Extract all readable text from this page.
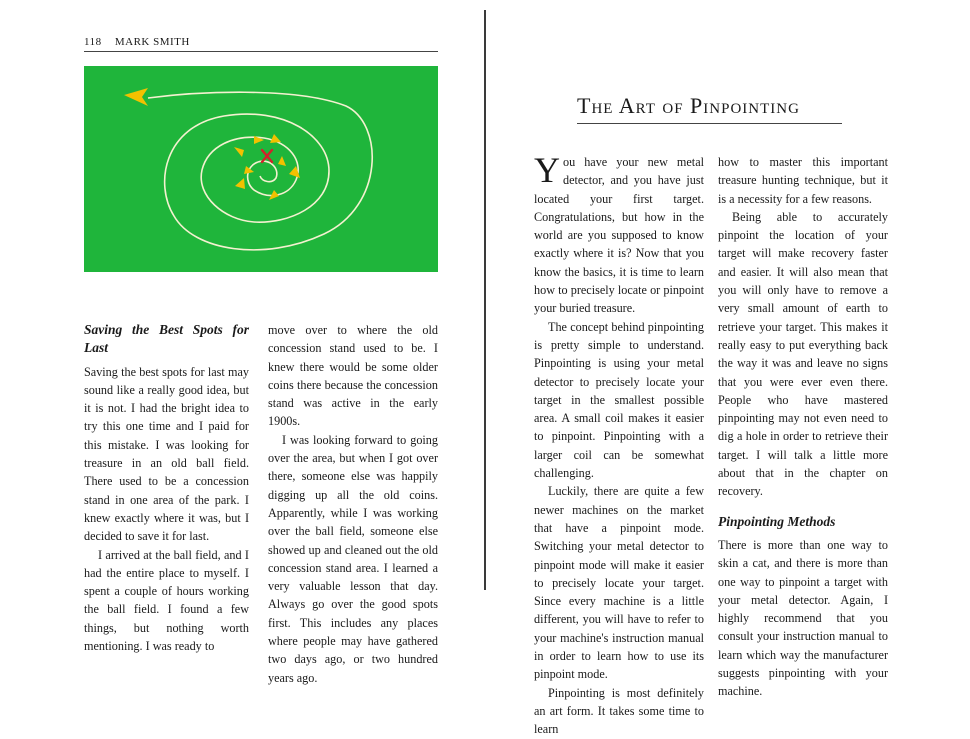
118 MARK SMITH
Saving the Best Spots for Last

Saving the best spots for last may sound like a really good idea, but it is not. I had the bright idea to try this one time and I paid for this mistake. I was looking for treasure in an old ball field. There used to be a concession stand in one area of the park. I knew exactly where it was, but I decided to save it for last.

I arrived at the ball field, and I had the entire place to myself. I spent a couple of hours working the ball field. I found a few things, but nothing worth mentioning. I was ready to

move over to where the old concession stand used to be. I knew there would be some older coins there because the concession stand was active in the early 1900s.

I was looking forward to going over the area, but when I got over there, someone else was happily digging up all the old coins. Apparently, while I was working over the ball field, someone else showed up and cleaned out the old concession stand area. I learned a very valuable lesson that day. Always go over the good spots first. This includes any places where people may have gathered two days ago, or two hundred years ago.

The Art of Pinpointing

You have your new metal detector, and you have just located your first target. Congratulations, but how in the world are you supposed to know exactly where it is? Now that you know the basics, it is time to learn how to precisely locate or pinpoint your buried treasure.

The concept behind pinpointing is pretty simple to understand. Pinpointing is using your metal detector to precisely locate your target in the smallest possible area. A small coil makes it easier to pinpoint. Pinpointing with a larger coil can be somewhat challenging.

Luckily, there are quite a few newer machines on the market that have a pinpoint mode. Switching your metal detector to pinpoint mode will make it easier to precisely locate your target. Since every machine is a little different, you will have to refer to your machine's instruction manual in order to learn how to use its pinpoint mode.

Pinpointing is most definitely an art form. It takes some time to learn

how to master this important treasure hunting technique, but it is a necessity for a few reasons.

Being able to accurately pinpoint the location of your target will make recovery faster and easier. It will also mean that you will only have to remove a very small amount of earth to retrieve your target. This makes it really easy to put everything back the way it was and leave no signs that you were ever even there. People who have mastered pinpointing may not even need to dig a hole in order to retrieve their target. I will talk a little more about that in the chapter on recovery.

Pinpointing Methods

There is more than one way to skin a cat, and there is more than one way to pinpoint a target with your metal detector. Again, I highly recommend that you consult your instruction manual to learn which way the manufacturer suggests pinpointing with your machine.
